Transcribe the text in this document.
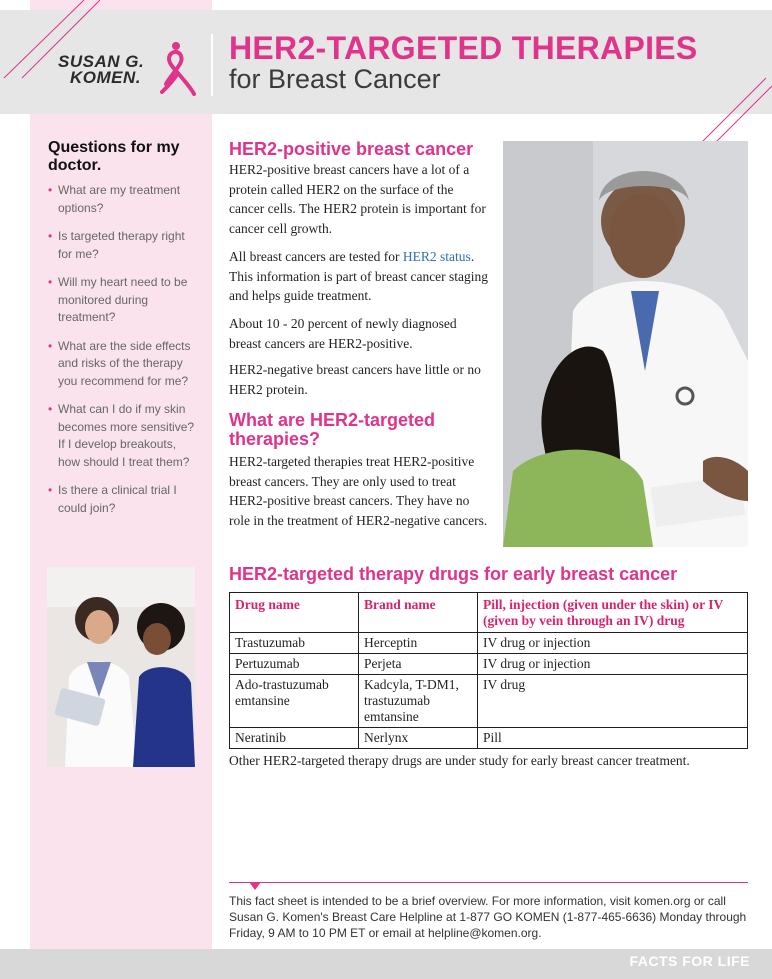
SUSAN G.
KOMEN.
HER2-TARGETED THERAPIES
for Breast Cancer
Questions for my doctor.
• What are my treatment options?
• Is targeted therapy right for me?
• Will my heart need to be monitored during treatment?
• What are the side effects and risks of the therapy you recommend for me?
• What can I do if my skin becomes more sensitive? If I develop breakouts, how should I treat them?
• Is there a clinical trial I could join?
HER2-positive breast cancer

HER2-positive breast cancers have a lot of a protein called HER2 on the surface of the cancer cells. The HER2 protein is important for cancer cell growth.

All breast cancers are tested for HER2 status. This information is part of breast cancer staging and helps guide treatment.

About 10 - 20 percent of newly diagnosed breast cancers are HER2-positive.

HER2-negative breast cancers have little or no HER2 protein.

What are HER2-targeted therapies?

HER2-targeted therapies treat HER2-positive breast cancers. They are only used to treat HER2-positive breast cancers. They have no role in the treatment of HER2-negative cancers.

HER2-targeted therapy drugs for early breast cancer
Drug name	Brand name	Pill, injection (given under the skin) or IV (given by vein through an IV) drug
Trastuzumab	Herceptin	IV drug or injection
Pertuzumab	Perjeta	IV drug or injection
Ado-trastuzumab emtansine	Kadcyla, T-DM1, trastuzumab emtansine	IV drug
Neratinib	Nerlynx	Pill

Other HER2-targeted therapy drugs are under study for early breast cancer treatment.

This fact sheet is intended to be a brief overview. For more information, visit komen.org or call Susan G. Komen's Breast Care Helpline at 1-877 GO KOMEN (1-877-465-6636) Monday through Friday, 9 AM to 10 PM ET or email at helpline@komen.org.
FACTS FOR LIFE
